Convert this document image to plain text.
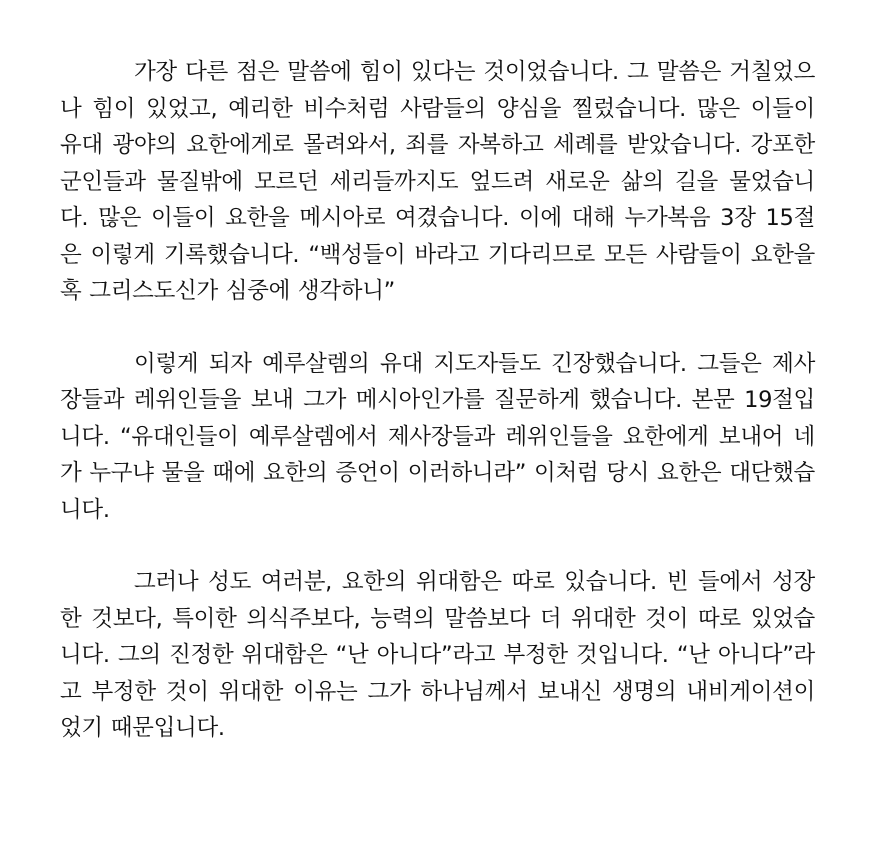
가장 다른 점은 말씀에 힘이 있다는 것이었습니다. 그 말씀은 거칠었으나 힘이 있었고, 예리한 비수처럼 사람들의 양심을 찔렀습니다. 많은 이들이 유대 광야의 요한에게로 몰려와서, 죄를 자복하고 세례를 받았습니다. 강포한 군인들과 물질밖에 모르던 세리들까지도 엎드려 새로운 삶의 길을 물었습니다. 많은 이들이 요한을 메시아로 여겼습니다. 이에 대해 누가복음 3장 15절은 이렇게 기록했습니다. “백성들이 바라고 기다리므로 모든 사람들이 요한을 혹 그리스도신가 심중에 생각하니”

이렇게 되자 예루살렘의 유대 지도자들도 긴장했습니다. 그들은 제사장들과 레위인들을 보내 그가 메시아인가를 질문하게 했습니다. 본문 19절입니다. “유대인들이 예루살렘에서 제사장들과 레위인들을 요한에게 보내어 네가 누구냐 물을 때에 요한의 증언이 이러하니라” 이처럼 당시 요한은 대단했습니다.

그러나 성도 여러분, 요한의 위대함은 따로 있습니다. 빈 들에서 성장한 것보다, 특이한 의식주보다, 능력의 말씀보다 더 위대한 것이 따로 있었습니다. 그의 진정한 위대함은 “난 아니다”라고 부정한 것입니다. “난 아니다”라고 부정한 것이 위대한 이유는 그가 하나님께서 보내신 생명의 내비게이션이었기 때문입니다.
